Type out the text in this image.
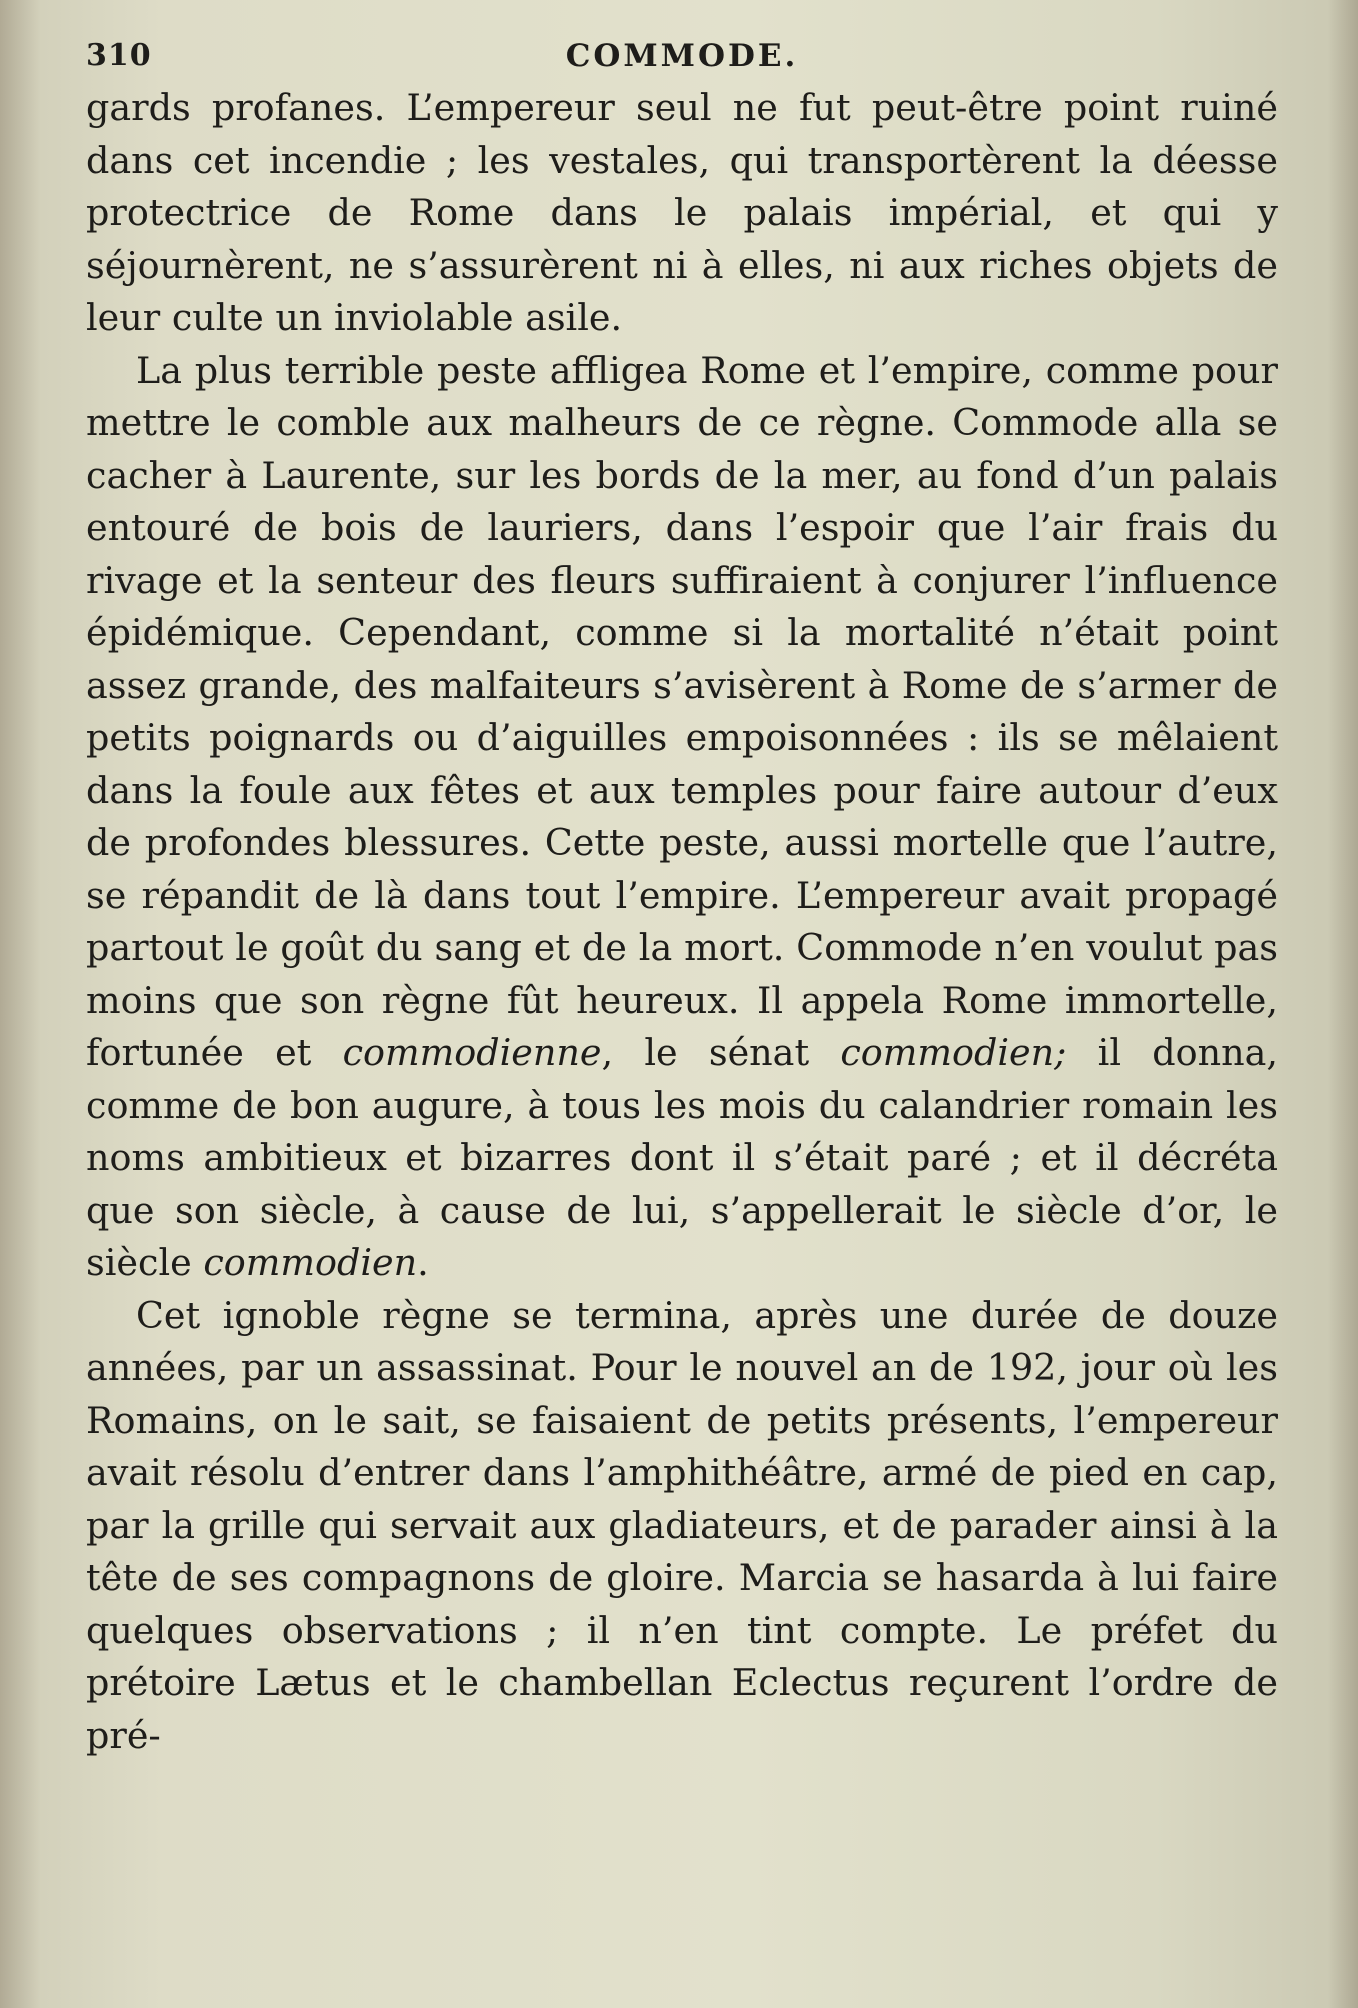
310	COMMODE.

gards profanes. L’empereur seul ne fut peut-être point ruiné dans cet incendie ; les vestales, qui transportèrent la déesse protectrice de Rome dans le palais impérial, et qui y séjournèrent, ne s’assurèrent ni à elles, ni aux riches objets de leur culte un inviolable asile.

La plus terrible peste affligea Rome et l’empire, comme pour mettre le comble aux malheurs de ce règne. Commode alla se cacher à Laurente, sur les bords de la mer, au fond d’un palais entouré de bois de lauriers, dans l’espoir que l’air frais du rivage et la senteur des fleurs suffiraient à conjurer l’influence épidémique. Cependant, comme si la mortalité n’était point assez grande, des malfaiteurs s’avisèrent à Rome de s’armer de petits poignards ou d’aiguilles empoisonnées : ils se mêlaient dans la foule aux fêtes et aux temples pour faire autour d’eux de profondes blessures. Cette peste, aussi mortelle que l’autre, se répandit de là dans tout l’empire. L’empereur avait propagé partout le goût du sang et de la mort. Commode n’en voulut pas moins que son règne fût heureux. Il appela Rome immortelle, fortunée et commodienne, le sénat commodien; il donna, comme de bon augure, à tous les mois du calandrier romain les noms ambitieux et bizarres dont il s’était paré ; et il décréta que son siècle, à cause de lui, s’appellerait le siècle d’or, le siècle commodien.

Cet ignoble règne se termina, après une durée de douze années, par un assassinat. Pour le nouvel an de 192, jour où les Romains, on le sait, se faisaient de petits présents, l’empereur avait résolu d’entrer dans l’amphithéâtre, armé de pied en cap, par la grille qui servait aux gladiateurs, et de parader ainsi à la tête de ses compagnons de gloire. Marcia se hasarda à lui faire quelques observations ; il n’en tint compte. Le préfet du prétoire Lætus et le chambellan Eclectus reçurent l’ordre de pré-
